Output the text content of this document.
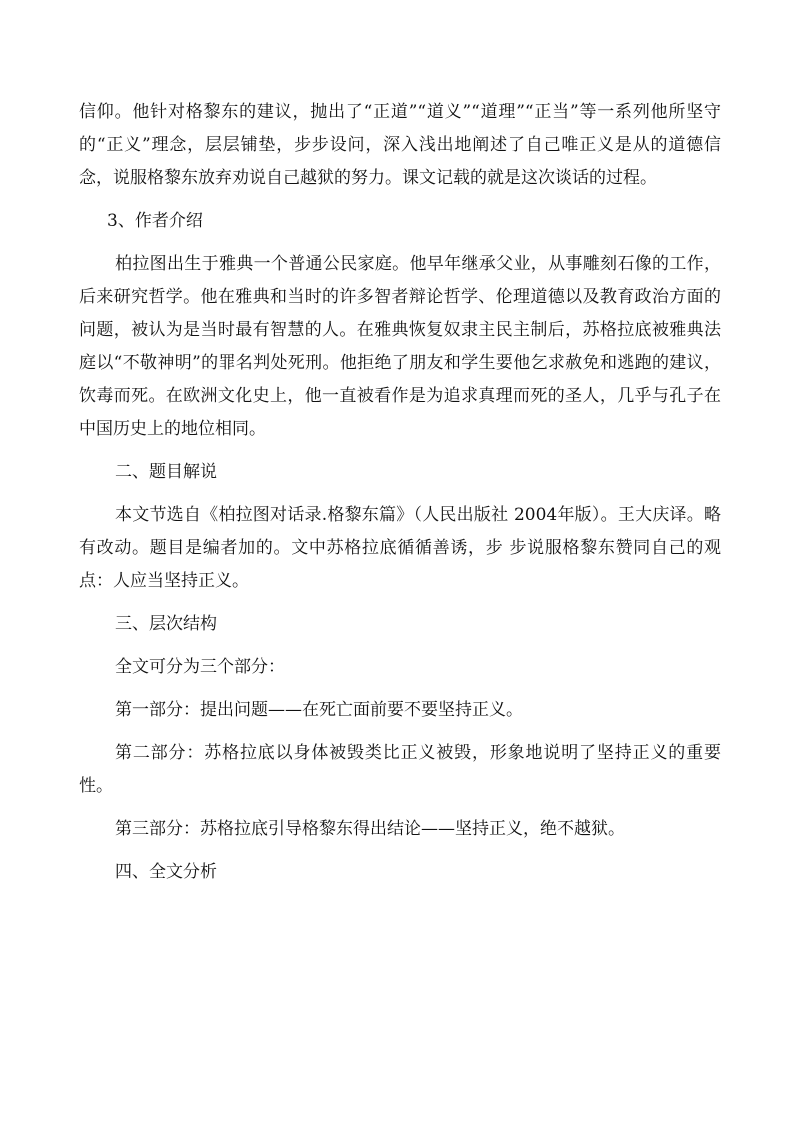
信仰。他针对格黎东的建议，抛出了“正道”“道义”“道理”“正当”等一系列他所坚守的“正义”理念，层层铺垫，步步设问，深入浅出地阐述了自己唯正义是从的道德信念，说服格黎东放弃劝说自己越狱的努力。课文记载的就是这次谈话的过程。

3、作者介绍

柏拉图出生于雅典一个普通公民家庭。他早年继承父业，从事雕刻石像的工作，后来研究哲学。他在雅典和当时的许多智者辩论哲学、伦理道德以及教育政治方面的问题，被认为是当时最有智慧的人。在雅典恢复奴隶主民主制后，苏格拉底被雅典法庭以“不敬神明”的罪名判处死刑。他拒绝了朋友和学生要他乞求赦免和逃跑的建议，饮毒而死。在欧洲文化史上，他一直被看作是为追求真理而死的圣人，几乎与孔子在中国历史上的地位相同。

二、题目解说

本文节选自《柏拉图对话录.格黎东篇》（人民出版社 2004年版）。王大庆译。略有改动。题目是编者加的。文中苏格拉底循循善诱，步 步说服格黎东赞同自己的观点：人应当坚持正义。

三、层次结构

全文可分为三个部分：

第一部分：提出问题——在死亡面前要不要坚持正义。

第二部分：苏格拉底以身体被毁类比正义被毁，形象地说明了坚持正义的重要性。

第三部分：苏格拉底引导格黎东得出结论——坚持正义，绝不越狱。

四、全文分析
